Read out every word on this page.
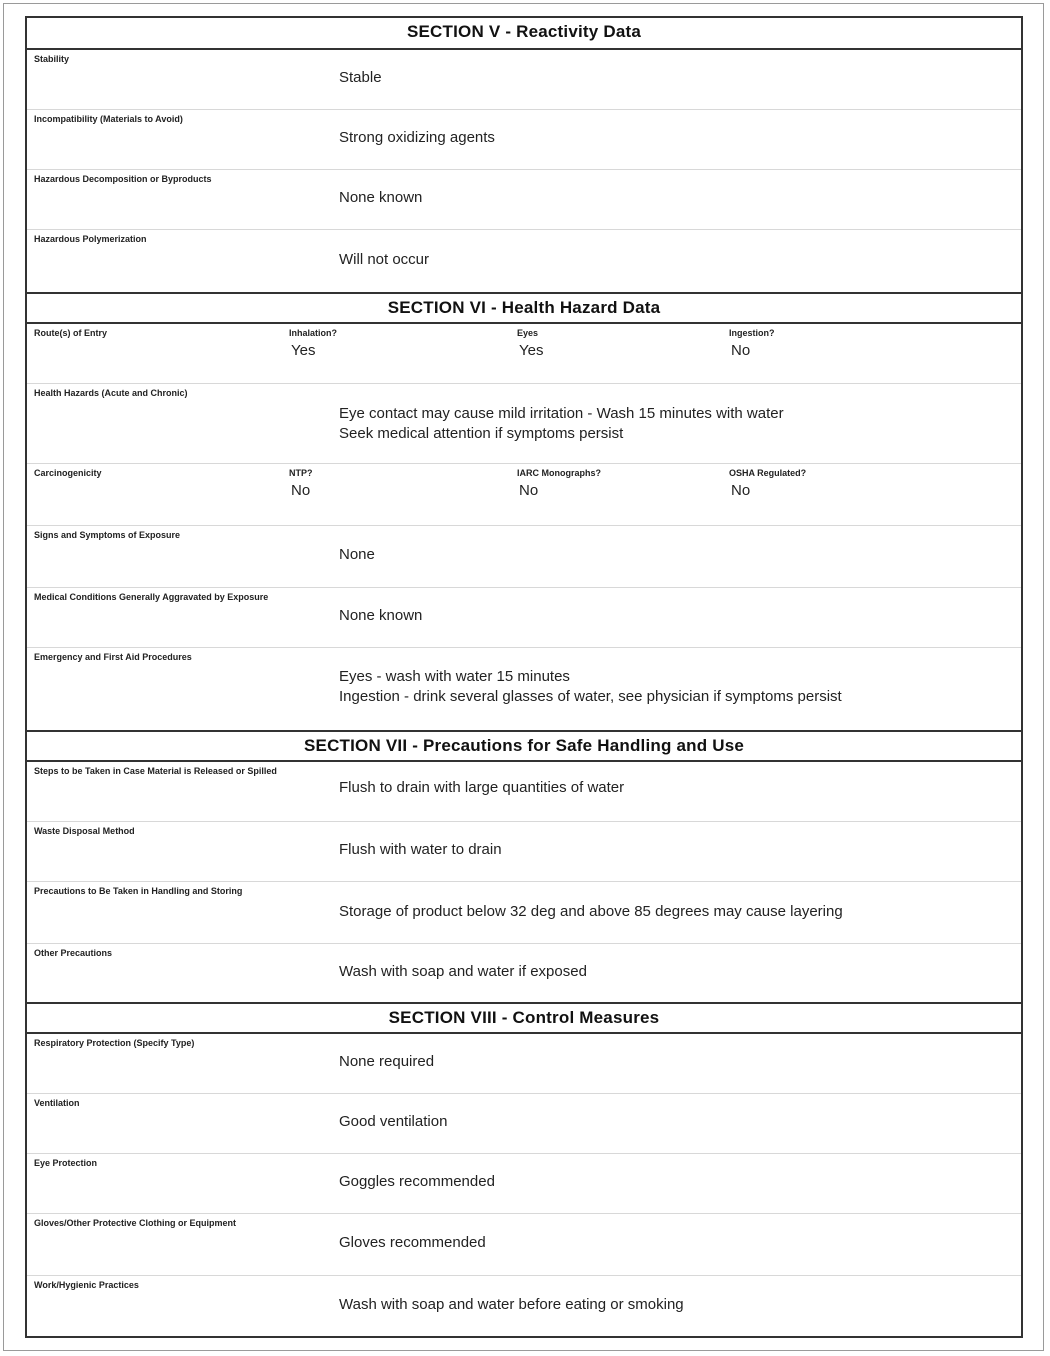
SECTION V - Reactivity Data
Stability
Stable
Incompatibility (Materials to Avoid)
Strong oxidizing agents
Hazardous Decomposition or Byproducts
None known
Hazardous Polymerization
Will not occur
SECTION VI - Health Hazard Data
Route(s) of Entry	Inhalation?
Yes
Eyes
Yes
Ingestion?
No
Health Hazards (Acute and Chronic)
Eye contact may cause mild irritation - Wash 15 minutes with water
Seek medical attention if symptoms persist
Carcinogenicity	NTP?
No
IARC Monographs?
No
OSHA Regulated?
No
Signs and Symptoms of Exposure
None
Medical Conditions Generally Aggravated by Exposure
None known
Emergency and First Aid Procedures
Eyes - wash with water 15 minutes
Ingestion - drink several glasses of water, see physician if symptoms persist
SECTION VII - Precautions for Safe Handling and Use
Steps to be Taken in Case Material is Released or Spilled
Flush to drain with large quantities of water
Waste Disposal Method
Flush with water to drain
Precautions to Be Taken in Handling and Storing
Storage of product below 32 deg and above 85 degrees may cause layering
Other Precautions
Wash with soap and water if exposed
SECTION VIII - Control Measures
Respiratory Protection (Specify Type)
None required
Ventilation
Good ventilation
Eye Protection
Goggles recommended
Gloves/Other Protective Clothing or Equipment
Gloves recommended
Work/Hygienic Practices
Wash with soap and water before eating or smoking
